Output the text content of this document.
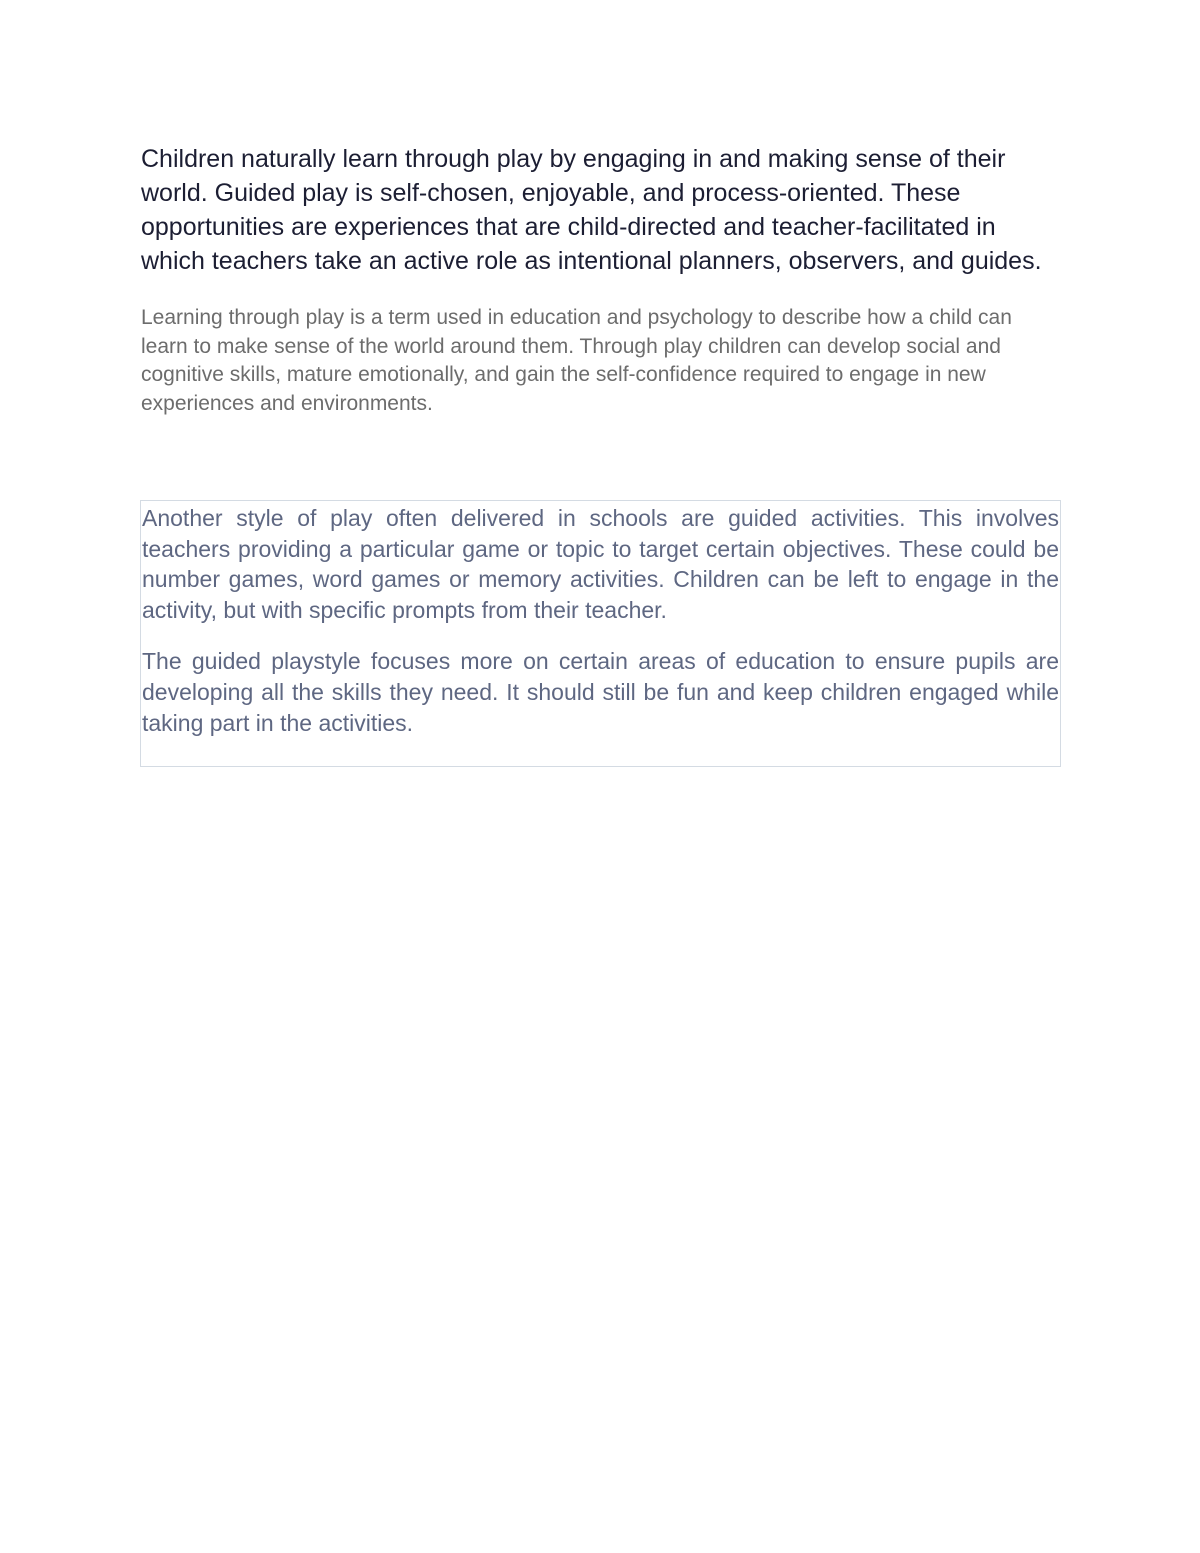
Children naturally learn through play by engaging in and making sense of their world. Guided play is self-chosen, enjoyable, and process-oriented. These opportunities are experiences that are child-directed and teacher-facilitated in which teachers take an active role as intentional planners, observers, and guides.

Learning through play is a term used in education and psychology to describe how a child can learn to make sense of the world around them. Through play children can develop social and cognitive skills, mature emotionally, and gain the self-confidence required to engage in new experiences and environments.

Another style of play often delivered in schools are guided activities. This involves teachers providing a particular game or topic to target certain objectives. These could be number games, word games or memory activities. Children can be left to engage in the activity, but with specific prompts from their teacher.

The guided playstyle focuses more on certain areas of education to ensure pupils are developing all the skills they need. It should still be fun and keep children engaged while taking part in the activities.
